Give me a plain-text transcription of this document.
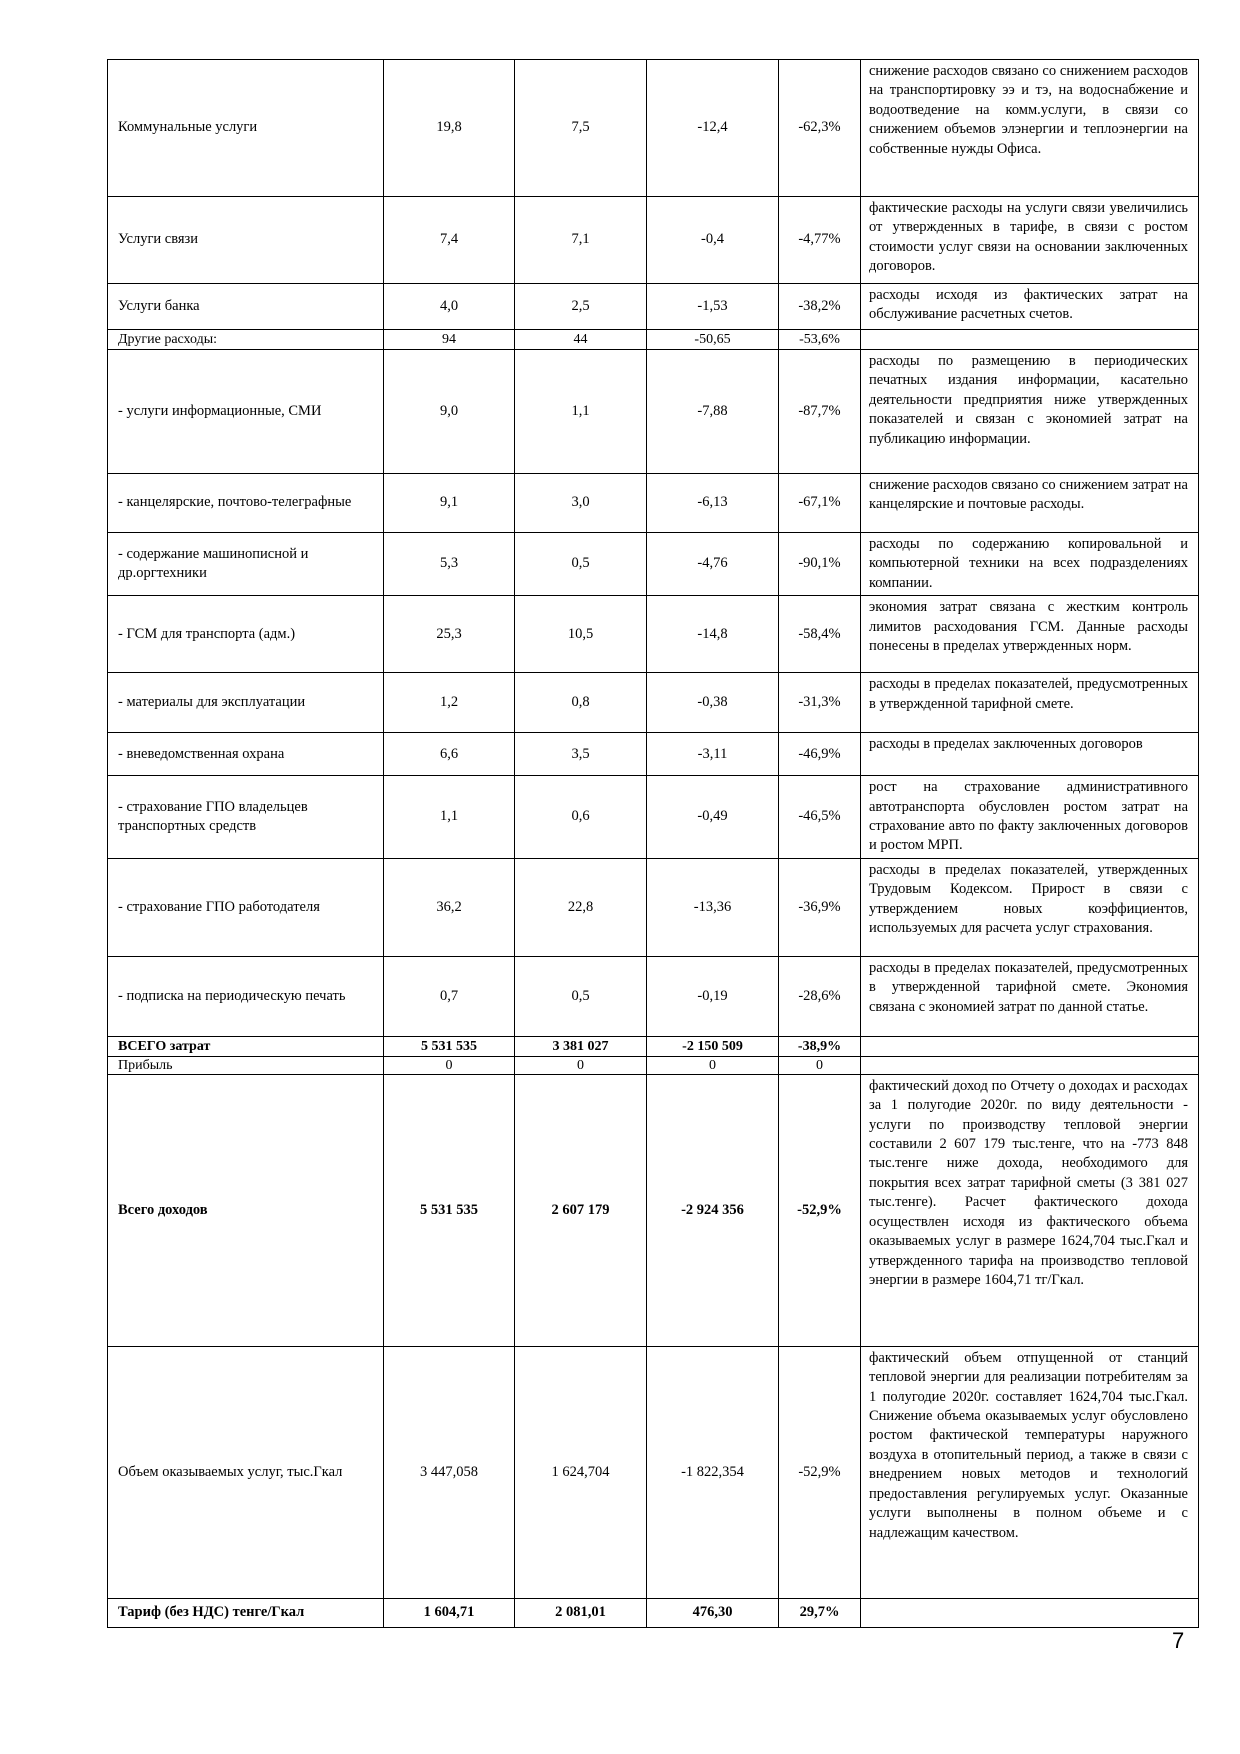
Коммунальные услуги	19,8	7,5	-12,4	-62,3%	снижение расходов связано со снижением расходов на транспортировку ээ и тэ, на водоснабжение и водоотведение на комм.услуги, в связи со снижением объемов элэнергии и теплоэнергии на собственные нужды Офиса.
Услуги связи	7,4	7,1	-0,4	-4,77%	фактические расходы на услуги связи увеличились от утвержденных в тарифе, в связи с ростом стоимости услуг связи на основании заключенных договоров.
Услуги банка	4,0	2,5	-1,53	-38,2%	расходы исходя из фактических затрат на обслуживание расчетных счетов.
Другие расходы:	94	44	-50,65	-53,6%	
- услуги информационные, СМИ	9,0	1,1	-7,88	-87,7%	расходы по размещению в периодических печатных издания информации, касательно деятельности предприятия ниже утвержденных показателей и связан с экономией затрат на публикацию информации.
- канцелярские, почтово-телеграфные	9,1	3,0	-6,13	-67,1%	снижение расходов связано со снижением затрат на канцелярские и почтовые расходы.
- содержание машинописной и др.оргтехники	5,3	0,5	-4,76	-90,1%	расходы по содержанию копировальной и компьютерной техники на всех подразделениях компании.
- ГСМ для транспорта (адм.)	25,3	10,5	-14,8	-58,4%	экономия затрат связана с жестким контроль лимитов расходования ГСМ. Данные расходы понесены в пределах утвержденных норм.
- материалы для эксплуатации	1,2	0,8	-0,38	-31,3%	расходы в пределах показателей, предусмотренных в утвержденной тарифной смете.
- вневедомственная охрана	6,6	3,5	-3,11	-46,9%	расходы в пределах заключенных договоров
- страхование ГПО владельцев транспортных средств	1,1	0,6	-0,49	-46,5%	рост на страхование административного автотранспорта обусловлен ростом затрат на страхование авто по факту заключенных договоров и ростом МРП.
- страхование ГПО работодателя	36,2	22,8	-13,36	-36,9%	расходы в пределах показателей, утвержденных Трудовым Кодексом. Прирост в связи с утверждением новых коэффициентов, используемых для расчета услуг страхования.
- подписка на периодическую печать	0,7	0,5	-0,19	-28,6%	расходы в пределах показателей, предусмотренных в утвержденной тарифной смете. Экономия связана с экономией затрат по данной статье.
ВСЕГО затрат	5 531 535	3 381 027	-2 150 509	-38,9%	
Прибыль	0	0	0	0	
Всего доходов	5 531 535	2 607 179	-2 924 356	-52,9%	фактический доход по Отчету о доходах и расходах за 1 полугодие 2020г. по виду деятельности - услуги по производству тепловой энергии составили 2 607 179 тыс.тенге, что на -773 848 тыс.тенге ниже дохода, необходимого для покрытия всех затрат тарифной сметы (3 381 027 тыс.тенге). Расчет фактического дохода осуществлен исходя из фактического объема оказываемых услуг в размере 1624,704 тыс.Гкал и утвержденного тарифа на производство тепловой энергии в размере 1604,71 тг/Гкал.
Объем оказываемых услуг, тыс.Гкал	3 447,058	1 624,704	-1 822,354	-52,9%	фактический объем отпущенной от станций тепловой энергии для реализации потребителям за 1 полугодие 2020г. составляет 1624,704 тыс.Гкал. Снижение объема оказываемых услуг обусловлено ростом фактической температуры наружного воздуха в отопительный период, а также в связи с внедрением новых методов и технологий предоставления регулируемых услуг. Оказанные услуги выполнены в полном объеме и с надлежащим качеством.
Тариф (без НДС) тенге/Гкал	1 604,71	2 081,01	476,30	29,7%	
7
